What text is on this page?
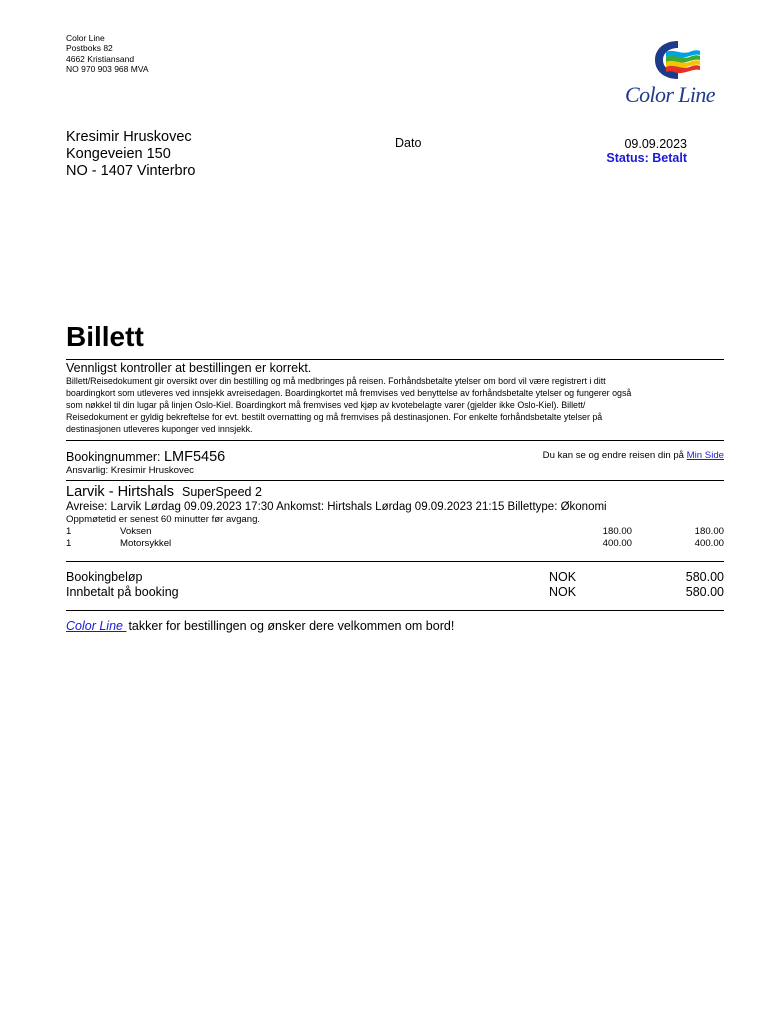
Color Line
Postboks 82
4662 Kristiansand
NO 970 903 968 MVA
Color Line
Kresimir Hruskovec
Kongeveien 150
NO - 1407 Vinterbro
Dato	09.09.2023
Status: Betalt
Billett
Vennligst kontroller at bestillingen er korrekt.
Billett/Reisedokument gir oversikt over din bestilling og må medbringes på reisen. Forhåndsbetalte ytelser om bord vil være registrert i ditt
boardingkort som utleveres ved innsjekk avreisedagen. Boardingkortet må fremvises ved benyttelse av forhåndsbetalte ytelser og fungerer også
som nøkkel til din lugar på linjen Oslo-Kiel. Boardingkort må fremvises ved kjøp av kvotebelagte varer (gjelder ikke Oslo-Kiel). Billett/
Reisedokument er gyldig bekreftelse for evt. bestilt overnatting og må fremvises på destinasjonen. For enkelte forhåndsbetalte ytelser på
destinasjonen utleveres kuponger ved innsjekk.
Bookingnummer: LMF5456	Du kan se og endre reisen din på Min Side
Ansvarlig: Kresimir Hruskovec
Larvik - Hirtshals SuperSpeed 2
Avreise: Larvik Lørdag 09.09.2023 17:30 Ankomst: Hirtshals Lørdag 09.09.2023 21:15 Billettype: Økonomi
Oppmøtetid er senest 60 minutter før avgang.
1	Voksen	180.00	180.00
1	Motorsykkel	400.00	400.00
Bookingbeløp	NOK	580.00
Innbetalt på booking	NOK	580.00
Color Line takker for bestillingen og ønsker dere velkommen om bord!
